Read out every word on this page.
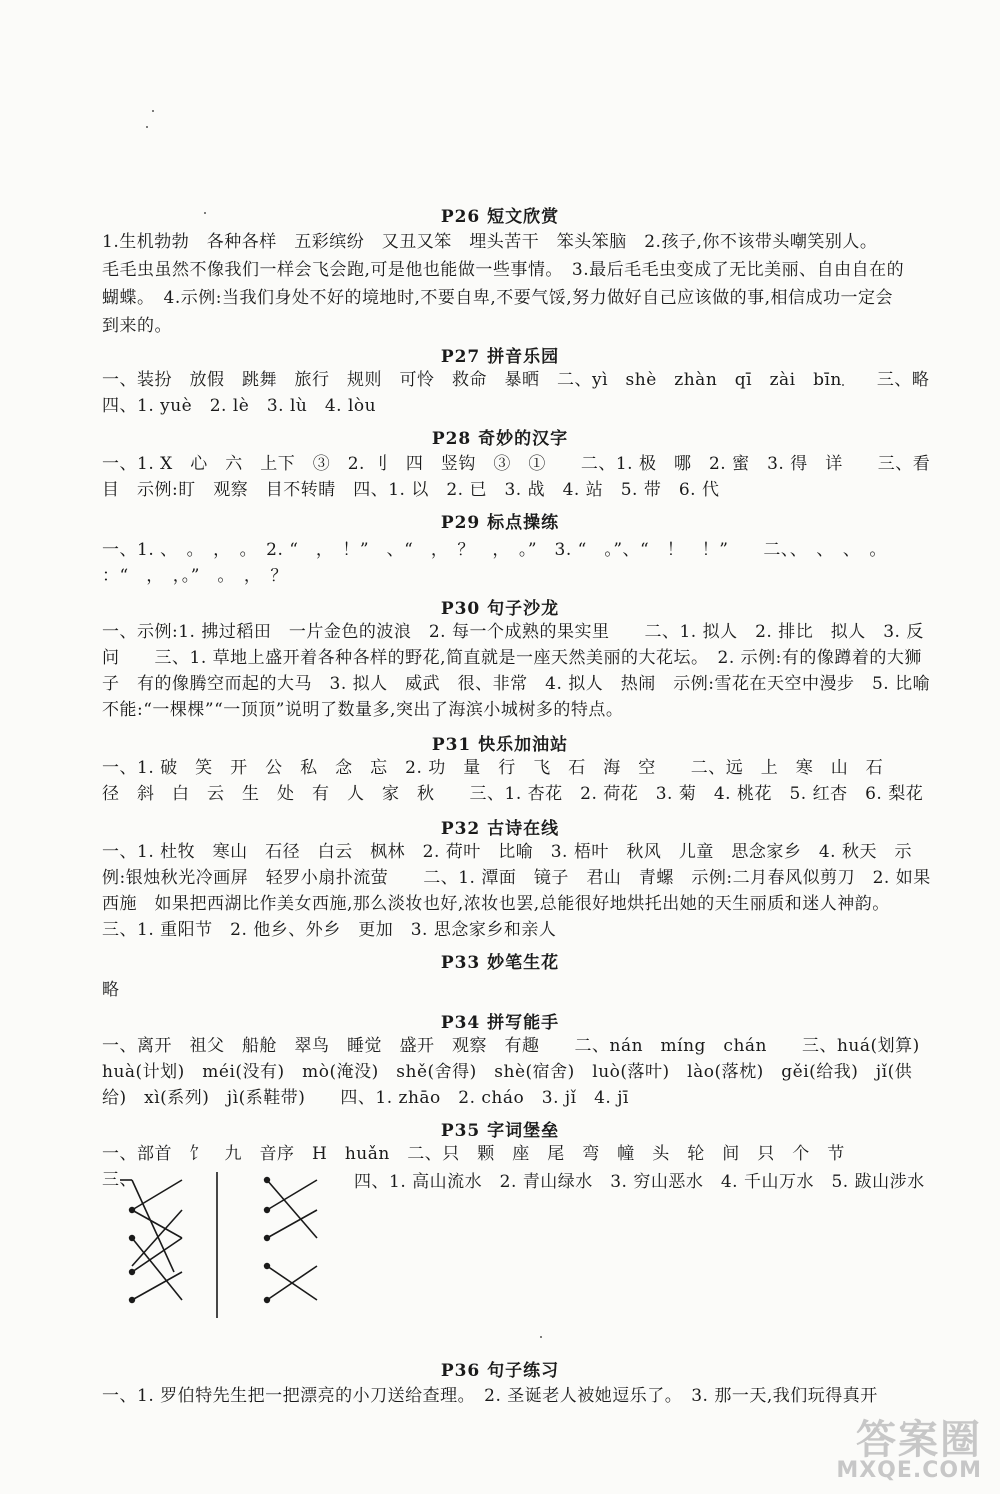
P26 短文欣赏
1.生机勃勃　各种各样　五彩缤纷　又丑又笨　埋头苦干　笨头笨脑　2.孩子,你不该带头嘲笑别人。
毛毛虫虽然不像我们一样会飞会跑,可是他也能做一些事情。　3.最后毛毛虫变成了无比美丽、自由自在的
蝴蝶。　4.示例:当我们身处不好的境地时,不要自卑,不要气馁,努力做好自己应该做的事,相信成功一定会
到来的。
P27 拼音乐园
一、装扮　放假　跳舞　旅行　规则　可怜　救命　暴晒　二、yì　shè　zhàn　qī　zài　bīn　　三、略
四、1. yuè　2. lè　3. lù　4. lòu
P28 奇妙的汉字
一、1. X　心　六　上下　③　2. 刂　四　竖钩　③　①　　二、1. 极　哪　2. 蜜　3. 得　详　　三、看
目　示例:盯　观察　目不转睛　四、1. 以　2. 已　3. 战　4. 站　5. 带　6. 代
P29 标点操练
一、1. 、　。　，　。　2. “　，　！”　、“　，　？　，　。”　3. “　。”、“　！　！”　　二、、　、　、　。
：“　，　，。”　。　，　？
P30 句子沙龙
一、示例:1. 拂过稻田　一片金色的波浪　2. 每一个成熟的果实里　　二、1. 拟人　2. 排比　拟人　3. 反
问　　三、1. 草地上盛开着各种各样的野花,简直就是一座天然美丽的大花坛。　2. 示例:有的像蹲着的大狮
子　有的像腾空而起的大马　3. 拟人　威武　很、非常　4. 拟人　热闹　示例:雪花在天空中漫步　5. 比喻
不能:“一棵棵”“一顶顶”说明了数量多,突出了海滨小城树多的特点。
P31 快乐加油站
一、1. 破　笑　开　公　私　念　忘　2. 功　量　行　飞　石　海　空　　二、远　上　寒　山　石
径　斜　白　云　生　处　有　人　家　秋　　三、1. 杏花　2. 荷花　3. 菊　4. 桃花　5. 红杏　6. 梨花
P32 古诗在线
一、1. 杜牧　寒山　石径　白云　枫林　2. 荷叶　比喻　3. 梧叶　秋风　儿童　思念家乡　4. 秋天　示
例:银烛秋光冷画屏　轻罗小扇扑流萤　　二、1. 潭面　镜子　君山　青螺　示例:二月春风似剪刀　2. 如果
西施　如果把西湖比作美女西施,那么淡妆也好,浓妆也罢,总能很好地烘托出她的天生丽质和迷人神韵。
三、1. 重阳节　2. 他乡、外乡　更加　3. 思念家乡和亲人
P33 妙笔生花
略
P34 拼写能手
一、离开　祖父　船舱　翠鸟　睡觉　盛开　观察　有趣　　二、nán　míng　chán　　三、huá(划算)
huà(计划)　méi(没有)　mò(淹没)　shě(舍得)　shè(宿舍)　luò(落叶)　lào(落枕)　gěi(给我)　jǐ(供
给)　xì(系列)　jì(系鞋带)　　四、1. zhāo　2. cháo　3. jǐ　4. jī
P35 字词堡垒
一、部首　饣　九　音序　H　huǎn　二、只　颗　座　尾　弯　幢　头　轮　间　只　个　节
三、	四、1. 高山流水　2. 青山绿水　3. 穷山恶水　4. 千山万水　5. 跋山涉水
P36 句子练习
一、1. 罗伯特先生把一把漂亮的小刀送给查理。　2. 圣诞老人被她逗乐了。　3. 那一天,我们玩得真开
答案圈
MXQE.COM
